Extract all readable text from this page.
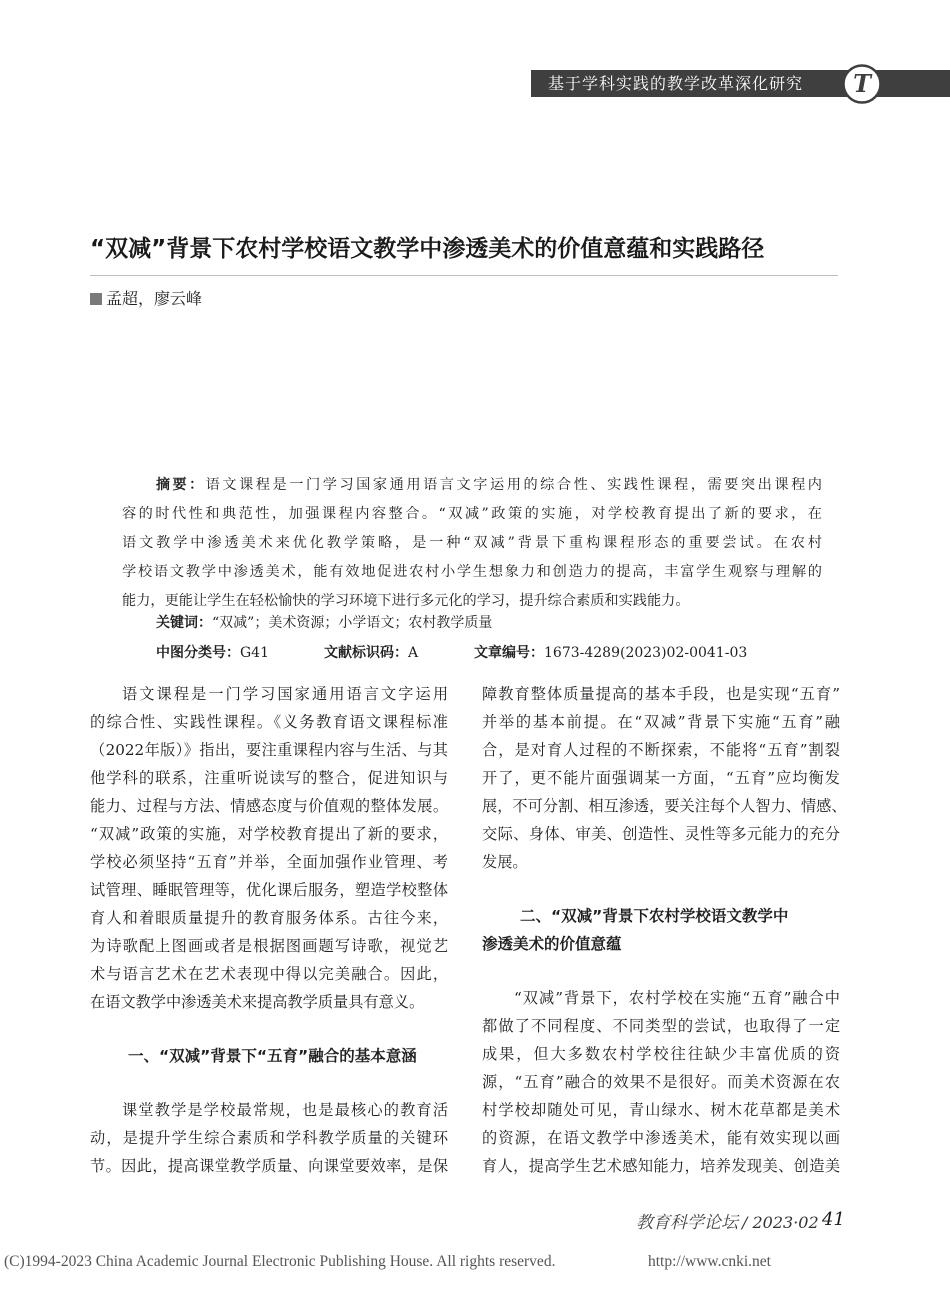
基于学科实践的教学改革深化研究 T
“双减”背景下农村学校语文教学中渗透美术的价值意蕴和实践路径
孟超，廖云峰
摘要：语文课程是一门学习国家通用语言文字运用的综合性、实践性课程，需要突出课程内
容的时代性和典范性，加强课程内容整合。“双减”政策的实施，对学校教育提出了新的要求，在
语文教学中渗透美术来优化教学策略，是一种“双减”背景下重构课程形态的重要尝试。在农村
学校语文教学中渗透美术，能有效地促进农村小学生想象力和创造力的提高，丰富学生观察与理解的
能力，更能让学生在轻松愉快的学习环境下进行多元化的学习，提升综合素质和实践能力。
关键词：“双减”；美术资源；小学语文；农村教学质量
中图分类号：G41	文献标识码：A	文章编号：1673-4289(2023)02-0041-03
语文课程是一门学习国家通用语言文字运用
的综合性、实践性课程。《义务教育语文课程标准
（2022年版）》指出，要注重课程内容与生活、与其
他学科的联系，注重听说读写的整合，促进知识与
能力、过程与方法、情感态度与价值观的整体发展。
“双减”政策的实施，对学校教育提出了新的要求，
学校必须坚持“五育”并举，全面加强作业管理、考
试管理、睡眠管理等，优化课后服务，塑造学校整体
育人和着眼质量提升的教育服务体系。古往今来，
为诗歌配上图画或者是根据图画题写诗歌，视觉艺
术与语言艺术在艺术表现中得以完美融合。因此，
在语文教学中渗透美术来提高教学质量具有意义。
一、“双减”背景下“五育”融合的基本意涵
课堂教学是学校最常规，也是最核心的教育活
动，是提升学生综合素质和学科教学质量的关键环
节。因此，提高课堂教学质量、向课堂要效率，是保
障教育整体质量提高的基本手段，也是实现“五育”
并举的基本前提。在“双减”背景下实施“五育”融
合，是对育人过程的不断探索，不能将“五育”割裂
开了，更不能片面强调某一方面，“五育”应均衡发
展，不可分割、相互渗透，要关注每个人智力、情感、
交际、身体、审美、创造性、灵性等多元能力的充分
发展。
二、“双减”背景下农村学校语文教学中
渗透美术的价值意蕴
“双减”背景下，农村学校在实施“五育”融合中
都做了不同程度、不同类型的尝试，也取得了一定
成果，但大多数农村学校往往缺少丰富优质的资
源，“五育”融合的效果不是很好。而美术资源在农
村学校却随处可见，青山绿水、树木花草都是美术
的资源，在语文教学中渗透美术，能有效实现以画
育人，提高学生艺术感知能力，培养发现美、创造美
教育科学论坛 / 2023·02 41
(C)1994-2023 China Academic Journal Electronic Publishing House. All rights reserved.	http://www.cnki.net
